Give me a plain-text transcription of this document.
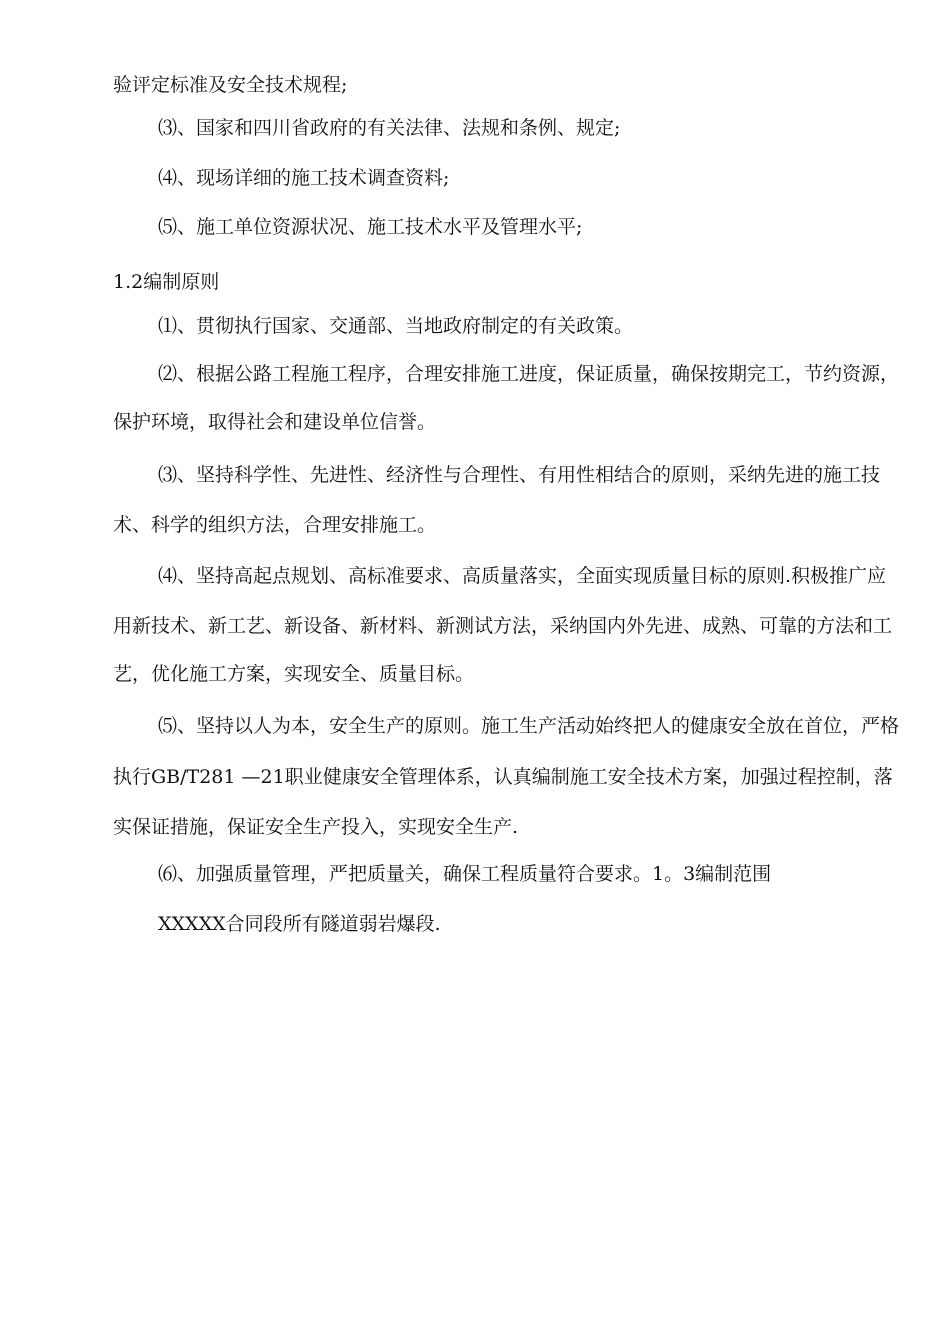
验评定标准及安全技术规程;
⑶、国家和四川省政府的有关法律、法规和条例、规定;
⑷、现场详细的施工技术调查资料;
⑸、施工单位资源状况、施工技术水平及管理水平;
1.2编制原则
⑴、贯彻执行国家、交通部、当地政府制定的有关政策。
⑵、根据公路工程施工程序，合理安排施工进度，保证质量，确保按期完工，节约资源，
保护环境，取得社会和建设单位信誉。
⑶、坚持科学性、先进性、经济性与合理性、有用性相结合的原则，采纳先进的施工技
术、科学的组织方法，合理安排施工。
⑷、坚持高起点规划、高标准要求、高质量落实，全面实现质量目标的原则.积极推广应
用新技术、新工艺、新设备、新材料、新测试方法，采纳国内外先进、成熟、可靠的方法和工
艺，优化施工方案，实现安全、质量目标。
⑸、坚持以人为本，安全生产的原则。施工生产活动始终把人的健康安全放在首位，严格
执行GB/T281 —21职业健康安全管理体系，认真编制施工安全技术方案，加强过程控制，落
实保证措施，保证安全生产投入，实现安全生产.
⑹、加强质量管理，严把质量关，确保工程质量符合要求。1。3编制范围
XXXXX合同段所有隧道弱岩爆段.
